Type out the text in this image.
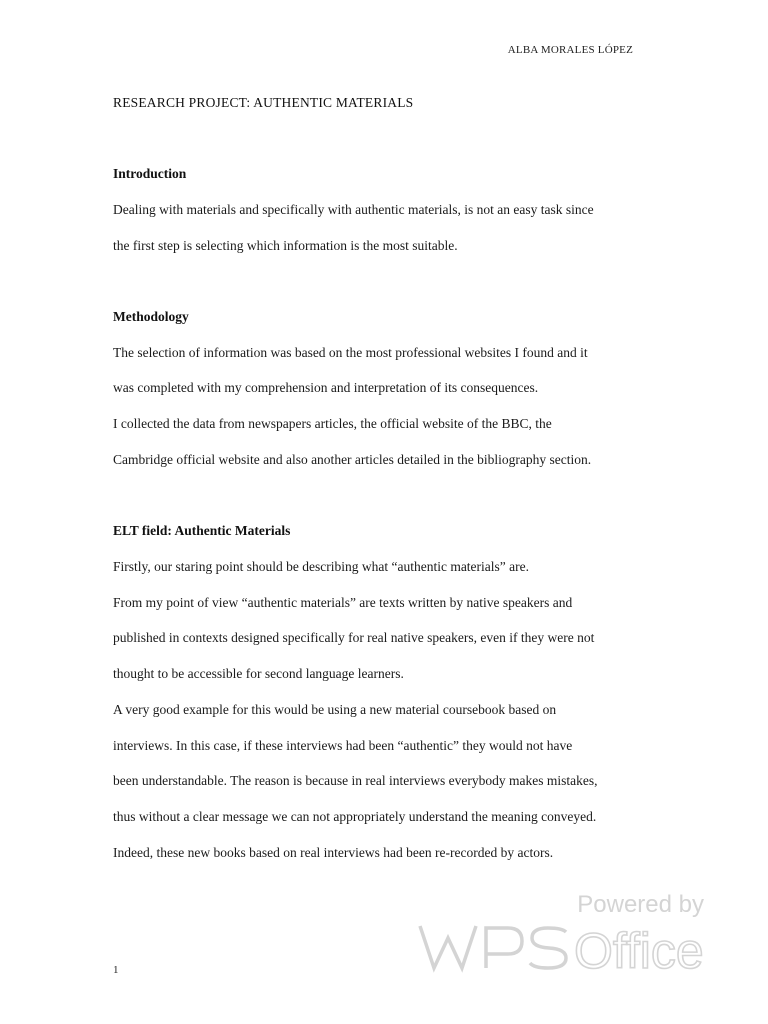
ALBA MORALES LÓPEZ
RESEARCH PROJECT: AUTHENTIC MATERIALS
Introduction
Dealing with materials and specifically with authentic materials, is not an easy task since
the first step is selecting which information is the most suitable.
Methodology
The selection of information was based on the most professional websites I found and it
was completed with my comprehension and interpretation of its consequences.
I collected the data from newspapers articles, the official website of the BBC, the
Cambridge official website and also another articles detailed in the bibliography section.
ELT field: Authentic Materials
Firstly, our staring point should be describing what “authentic materials” are.
From my point of view “authentic materials” are texts written by native speakers and
published in contexts designed specifically for real native speakers, even if they were not
thought to be accessible for second language learners.
A very good example for this would be using a new material coursebook based on
interviews. In this case, if these interviews had been “authentic” they would not have
been understandable. The reason is because in real interviews everybody makes mistakes,
thus without a clear message we can not appropriately understand the meaning conveyed.
Indeed, these new books based on real interviews had been re-recorded by actors.
1
Powered by
Office
